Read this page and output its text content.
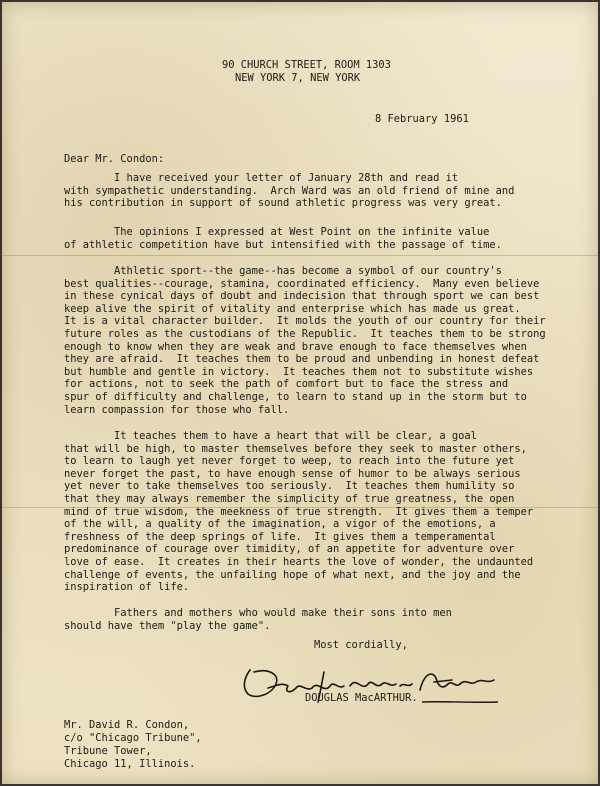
90 CHURCH STREET, ROOM 1303
NEW YORK 7, NEW YORK
8 February 1961
Dear Mr. Condon:
I have received your letter of January 28th and read it
with sympathetic understanding.  Arch Ward was an old friend of mine and
his contribution in support of sound athletic progress was very great.
The opinions I expressed at West Point on the infinite value
of athletic competition have but intensified with the passage of time.
Athletic sport--the game--has become a symbol of our country's
best qualities--courage, stamina, coordinated efficiency.  Many even believe
in these cynical days of doubt and indecision that through sport we can best
keep alive the spirit of vitality and enterprise which has made us great.
It is a vital character builder.  It molds the youth of our country for their
future roles as the custodians of the Republic.  It teaches them to be strong
enough to know when they are weak and brave enough to face themselves when
they are afraid.  It teaches them to be proud and unbending in honest defeat
but humble and gentle in victory.  It teaches them not to substitute wishes
for actions, not to seek the path of comfort but to face the stress and
spur of difficulty and challenge, to learn to stand up in the storm but to
learn compassion for those who fall.
It teaches them to have a heart that will be clear, a goal
that will be high, to master themselves before they seek to master others,
to learn to laugh yet never forget to weep, to reach into the future yet
never forget the past, to have enough sense of humor to be always serious
yet never to take themselves too seriously.  It teaches them humility so
that they may always remember the simplicity of true greatness, the open
mind of true wisdom, the meekness of true strength.  It gives them a temper
of the will, a quality of the imagination, a vigor of the emotions, a
freshness of the deep springs of life.  It gives them a temperamental
predominance of courage over timidity, of an appetite for adventure over
love of ease.  It creates in their hearts the love of wonder, the undaunted
challenge of events, the unfailing hope of what next, and the joy and the
inspiration of life.
Fathers and mothers who would make their sons into men
should have them "play the game".
Most cordially,
DOUGLAS MacARTHUR.
Mr. David R. Condon,
c/o "Chicago Tribune",
Tribune Tower,
Chicago 11, Illinois.
